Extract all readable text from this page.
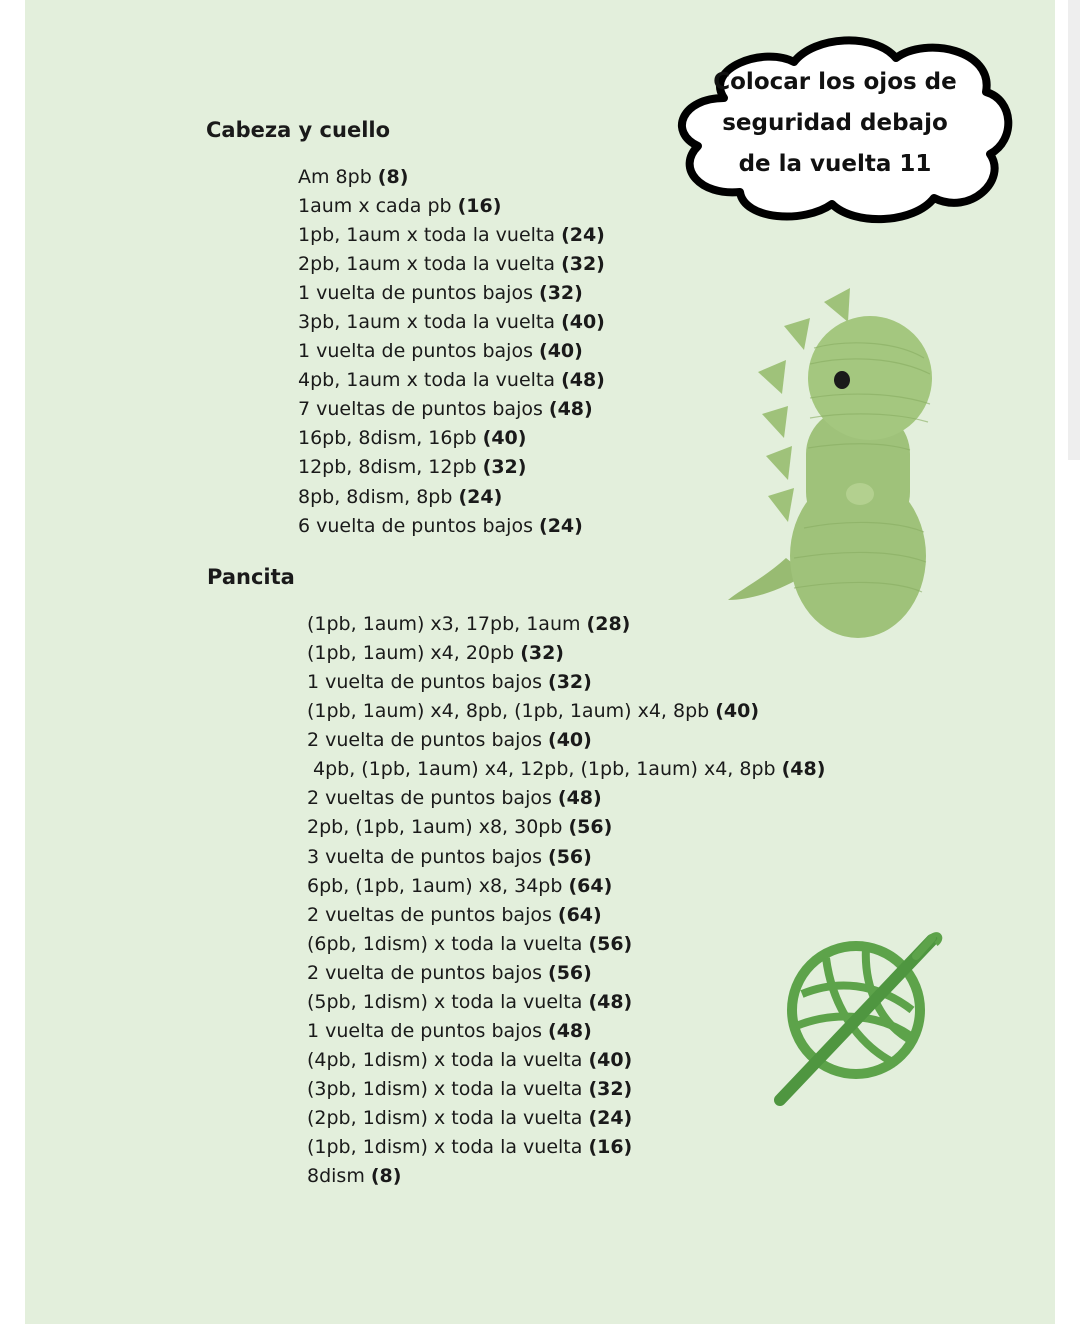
Colocar los ojos de
seguridad debajo
de la vuelta 11
Cabeza y cuello
Pancita
Am 8pb (8)
1aum x cada pb (16)
1pb, 1aum x toda la vuelta (24)
2pb, 1aum x toda la vuelta (32)
1 vuelta de puntos bajos (32)
3pb, 1aum x toda la vuelta (40)
1 vuelta de puntos bajos (40)
4pb, 1aum x toda la vuelta (48)
7 vueltas de puntos bajos (48)
16pb, 8dism, 16pb (40)
12pb, 8dism, 12pb (32)
8pb, 8dism, 8pb (24)
6 vuelta de puntos bajos (24)
(1pb, 1aum) x3, 17pb, 1aum (28)
(1pb, 1aum) x4, 20pb (32)
1 vuelta de puntos bajos (32)
(1pb, 1aum) x4, 8pb, (1pb, 1aum) x4, 8pb (40)
2 vuelta de puntos bajos (40)
4pb, (1pb, 1aum) x4, 12pb, (1pb, 1aum) x4, 8pb (48)
2 vueltas de puntos bajos (48)
2pb, (1pb, 1aum) x8, 30pb (56)
3 vuelta de puntos bajos (56)
6pb, (1pb, 1aum) x8, 34pb (64)
2 vueltas de puntos bajos (64)
(6pb, 1dism) x toda la vuelta (56)
2 vuelta de puntos bajos (56)
(5pb, 1dism) x toda la vuelta (48)
1 vuelta de puntos bajos (48)
(4pb, 1dism) x toda la vuelta (40)
(3pb, 1dism) x toda la vuelta (32)
(2pb, 1dism) x toda la vuelta (24)
(1pb, 1dism) x toda la vuelta (16)
8dism (8)
